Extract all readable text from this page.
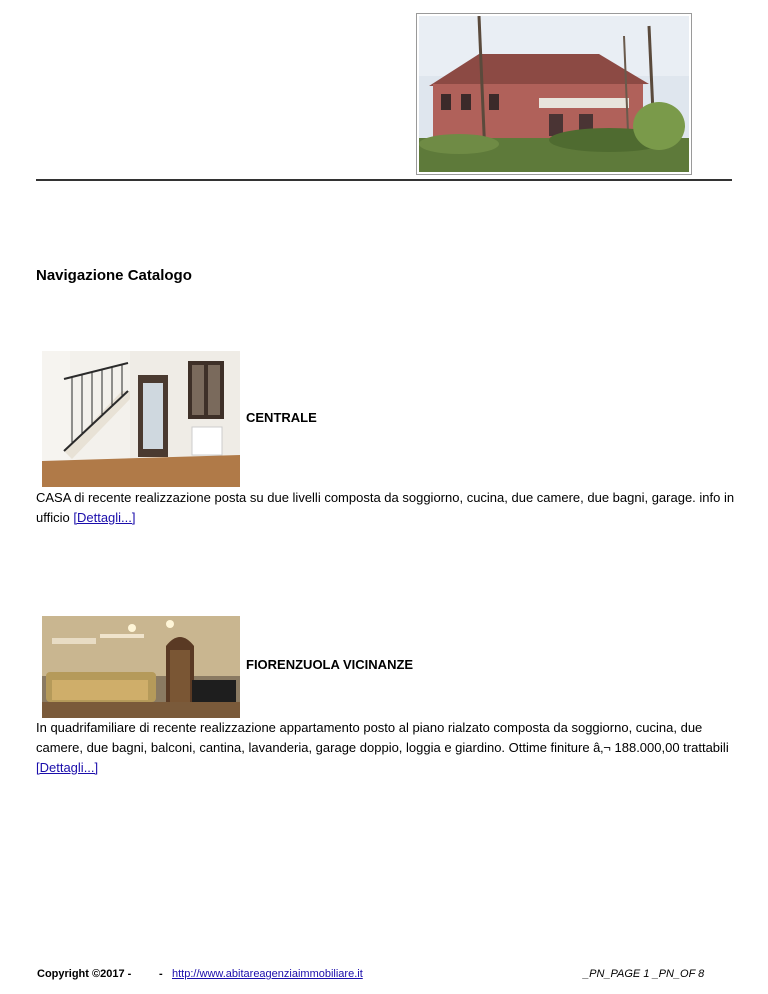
Navigazione Catalogo
CENTRALE
CASA di recente realizzazione posta su due livelli composta da soggiorno, cucina, due camere, due bagni, garage. info in ufficio [Dettagli...]
FIORENZUOLA VICINANZE
In quadrifamiliare di recente realizzazione appartamento posto al piano rialzato composta da soggiorno, cucina, due camere, due bagni, balconi, cantina, lavanderia, garage doppio, loggia e giardino. Ottime finiture â‚¬ 188.000,00 trattabili [Dettagli...]
Copyright ©2017 -	- http://www.abitareagenziaimmobiliare.it	_PN_PAGE 1 _PN_OF 8
